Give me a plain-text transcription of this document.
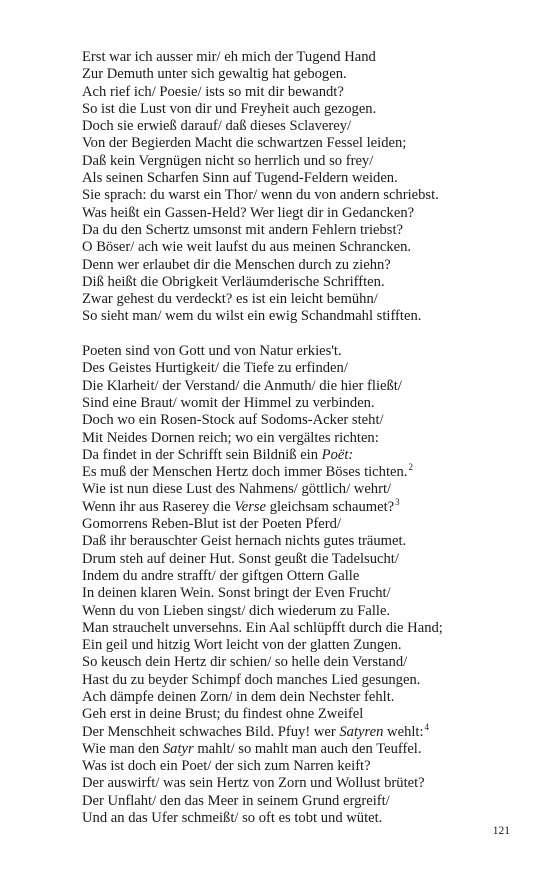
Erst war ich ausser mir/ eh mich der Tugend Hand
Zur Demuth unter sich gewaltig hat gebogen.
Ach rief ich/ Poesie/ ists so mit dir bewandt?
So ist die Lust von dir und Freyheit auch gezogen.
Doch sie erwieß darauf/ daß dieses Sclaverey/
Von der Begierden Macht die schwartzen Fessel leiden;
Daß kein Vergnügen nicht so herrlich und so frey/
Als seinen Scharfen Sinn auf Tugend-Feldern weiden.
Sie sprach: du warst ein Thor/ wenn du von andern schriebst.
Was heißt ein Gassen-Held? Wer liegt dir in Gedancken?
Da du den Schertz umsonst mit andern Fehlern triebst?
O Böser/ ach wie weit laufst du aus meinen Schrancken.
Denn wer erlaubet dir die Menschen durch zu ziehn?
Diß heißt die Obrigkeit Verläumderische Schrifften.
Zwar gehest du verdeckt? es ist ein leicht bemühn/
So sieht man/ wem du wilst ein ewig Schandmahl stifften.
Poeten sind von Gott und von Natur erkies't.
Des Geistes Hurtigkeit/ die Tiefe zu erfinden/
Die Klarheit/ der Verstand/ die Anmuth/ die hier fließt/
Sind eine Braut/ womit der Himmel zu verbinden.
Doch wo ein Rosen-Stock auf Sodoms-Acker steht/
Mit Neides Dornen reich; wo ein vergältes richten:
Da findet in der Schrifft sein Bildniß ein Poët:
Es muß der Menschen Hertz doch immer Böses tichten.$^2$
Wie ist nun diese Lust des Nahmens/ göttlich/ wehrt/
Wenn ihr aus Raserey die Verse gleichsam schaumet?$^3$
Gomorrens Reben-Blut ist der Poeten Pferd/
Daß ihr berauschter Geist hernach nichts gutes träumet.
Drum steh auf deiner Hut. Sonst geußt die Tadelsucht/
Indem du andre strafft/ der giftgen Ottern Galle
In deinen klaren Wein. Sonst bringt der Even Frucht/
Wenn du von Lieben singst/ dich wiederum zu Falle.
Man strauchelt unversehns. Ein Aal schlüpfft durch die Hand;
Ein geil und hitzig Wort leicht von der glatten Zungen.
So keusch dein Hertz dir schien/ so helle dein Verstand/
Hast du zu beyder Schimpf doch manches Lied gesungen.
Ach dämpfe deinen Zorn/ in dem dein Nechster fehlt.
Geh erst in deine Brust; du findest ohne Zweifel
Der Menschheit schwaches Bild. Pfuy! wer Satyren wehlt:$^4$
Wie man den Satyr mahlt/ so mahlt man auch den Teuffel.
Was ist doch ein Poet/ der sich zum Narren keift?
Der auswirft/ was sein Hertz von Zorn und Wollust brütet?
Der Unflaht/ den das Meer in seinem Grund ergreift/
Und an das Ufer schmeißt/ so oft es tobt und wütet.
121
